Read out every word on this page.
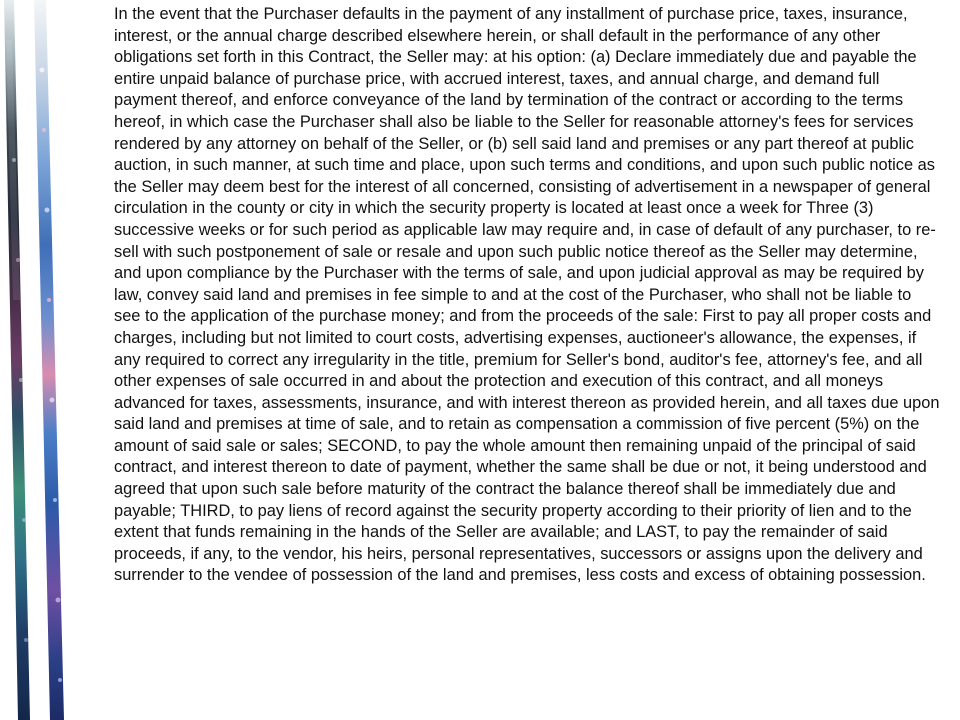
In the event that the Purchaser defaults in the payment of any installment of purchase price, taxes, insurance, interest, or the annual charge described elsewhere herein, or shall default in the performance of any other obligations set forth in this Contract, the Seller may: at his option: (a) Declare immediately due and payable the entire unpaid balance of purchase price, with accrued interest, taxes, and annual charge, and demand full payment thereof, and enforce conveyance of the land by termination of the contract or according to the terms hereof, in which case the Purchaser shall also be liable to the Seller for reasonable attorney's fees for services rendered by any attorney on behalf of the Seller, or (b) sell said land and premises or any part thereof at public auction, in such manner, at such time and place, upon such terms and conditions, and upon such public notice as the Seller may deem best for the interest of all concerned, consisting of advertisement in a newspaper of general circulation in the county or city in which the security property is located at least once a week for Three (3) successive weeks or for such period as applicable law may require and, in case of default of any purchaser, to re-sell with such postponement of sale or resale and upon such public notice thereof as the Seller may determine, and upon compliance by the Purchaser with the terms of sale, and upon judicial approval as may be required by law, convey said land and premises in fee simple to and at the cost of the Purchaser, who shall not be liable to see to the application of the purchase money; and from the proceeds of the sale: First to pay all proper costs and charges, including but not limited to court costs, advertising expenses, auctioneer's allowance, the expenses, if any required to correct any irregularity in the title, premium for Seller's bond, auditor's fee, attorney's fee, and all other expenses of sale occurred in and about the protection and execution of this contract, and all moneys advanced for taxes, assessments, insurance, and with interest thereon as provided herein, and all taxes due upon said land and premises at time of sale, and to retain as compensation a commission of five percent (5%) on the amount of said sale or sales; SECOND, to pay the whole amount then remaining unpaid of the principal of said contract, and interest thereon to date of payment, whether the same shall be due or not, it being understood and agreed that upon such sale before maturity of the contract the balance thereof shall be immediately due and payable; THIRD, to pay liens of record against the security property according to their priority of lien and to the extent that funds remaining in the hands of the Seller are available; and LAST, to pay the remainder of said proceeds, if any, to the vendor, his heirs, personal representatives, successors or assigns upon the delivery and surrender to the vendee of possession of the land and premises, less costs and excess of obtaining possession.
